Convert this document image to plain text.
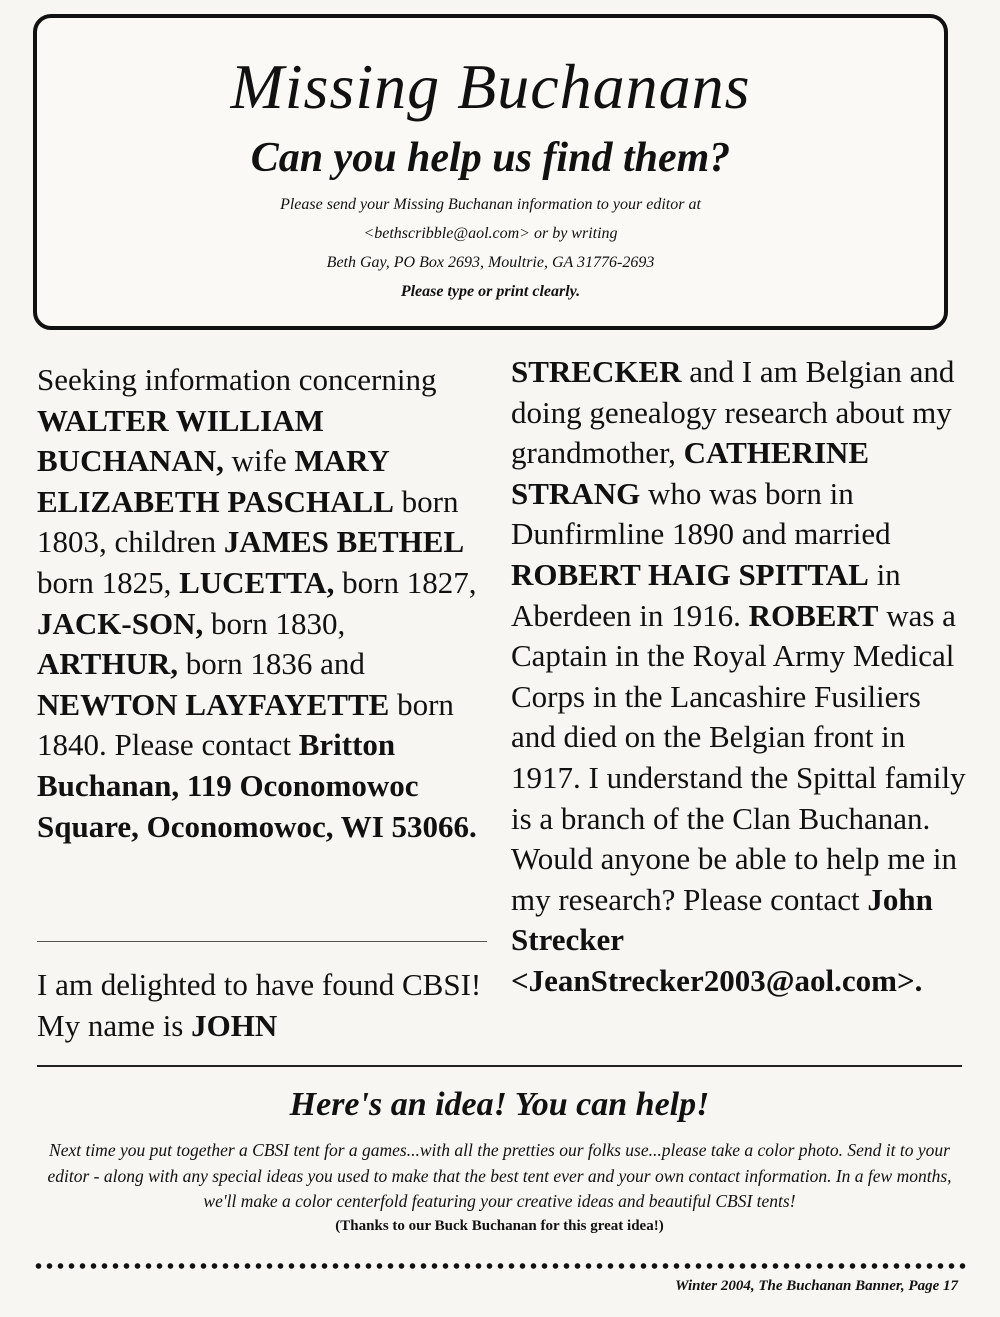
Missing Buchanans
Can you help us find them?
Please send your Missing Buchanan information to your editor at
<bethscribble@aol.com> or by writing
Beth Gay, PO Box 2693, Moultrie, GA 31776-2693
Please type or print clearly.
Seeking information concerning WALTER WILLIAM BUCHANAN, wife MARY ELIZABETH PASCHALL born 1803, children JAMES BETHEL born 1825, LUCETTA, born 1827, JACK-SON, born 1830, ARTHUR, born 1836 and NEWTON LAYFAYETTE born 1840. Please contact Britton Buchanan, 119 Oconomowoc Square, Oconomowoc, WI 53066.
I am delighted to have found CBSI! My name is JOHN
STRECKER and I am Belgian and doing genealogy research about my grandmother, CATHERINE STRANG who was born in Dunfirmline 1890 and married ROBERT HAIG SPITTAL in Aberdeen in 1916. ROBERT was a Captain in the Royal Army Medical Corps in the Lancashire Fusiliers and died on the Belgian front in 1917. I understand the Spittal family is a branch of the Clan Buchanan. Would anyone be able to help me in my research? Please contact John Strecker <JeanStrecker2003@aol.com>.
Here's an idea! You can help!
Next time you put together a CBSI tent for a games...with all the pretties our folks use...please take a color photo. Send it to your editor - along with any special ideas you used to make that the best tent ever and your own contact information. In a few months, we'll make a color centerfold featuring your creative ideas and beautiful CBSI tents!
(Thanks to our Buck Buchanan for this great idea!)
Winter 2004, The Buchanan Banner, Page 17
